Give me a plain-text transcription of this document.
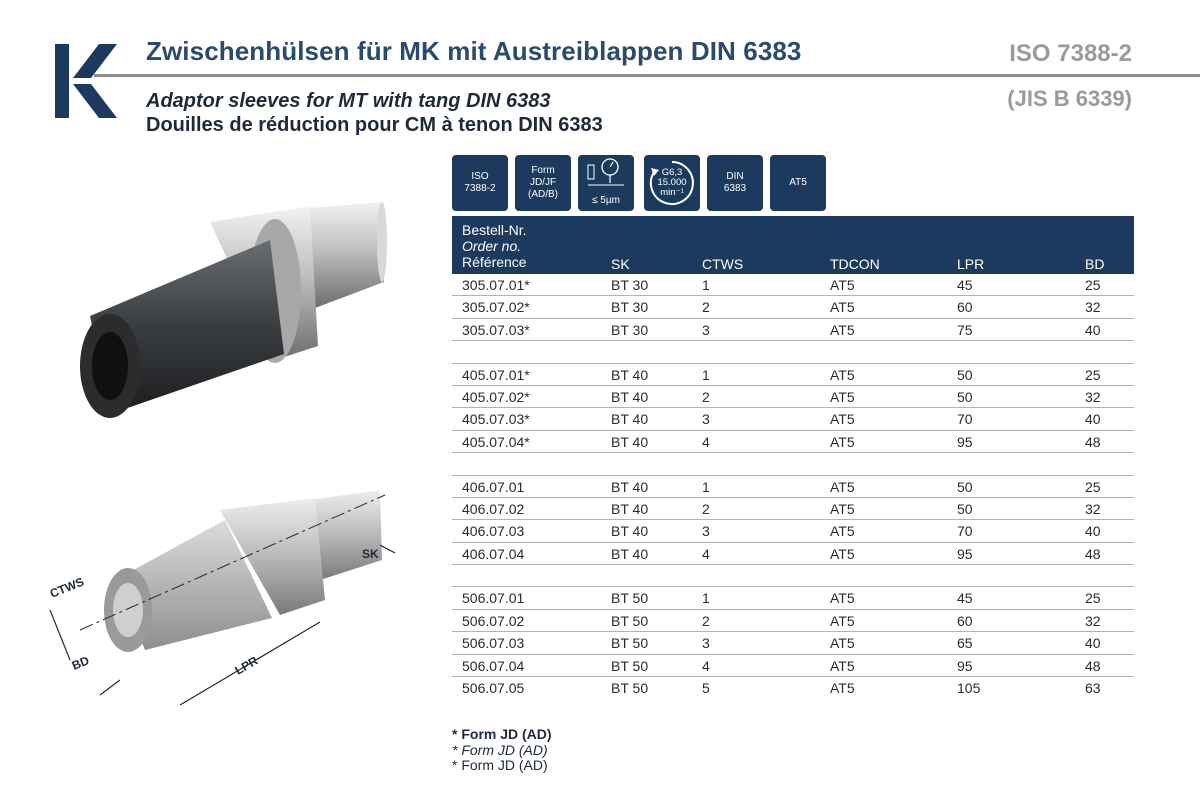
Zwischenhülsen für MK mit Austreiblappen DIN 6383	ISO 7388-2
(JIS B 6339)
Adaptor sleeves for MT with tang DIN 6383
Douilles de réduction pour CM à tenon DIN 6383
ISO
7388-2
Form
JD/JF
(AD/B)
≤ 5µm
G6,3
15.000
min⁻¹
DIN
6383
AT5
Bestell-Nr.
Order no.
Référence	SK	CTWS	TDCON	LPR	BD
305.07.01*	BT 30	1	AT5	45	25
305.07.02*	BT 30	2	AT5	60	32
305.07.03*	BT 30	3	AT5	75	40
405.07.01*	BT 40	1	AT5	50	25
405.07.02*	BT 40	2	AT5	50	32
405.07.03*	BT 40	3	AT5	70	40
405.07.04*	BT 40	4	AT5	95	48
406.07.01	BT 40	1	AT5	50	25
406.07.02	BT 40	2	AT5	50	32
406.07.03	BT 40	3	AT5	70	40
406.07.04	BT 40	4	AT5	95	48
506.07.01	BT 50	1	AT5	45	25
506.07.02	BT 50	2	AT5	60	32
506.07.03	BT 50	3	AT5	65	40
506.07.04	BT 50	4	AT5	95	48
506.07.05	BT 50	5	AT5	105	63
* Form JD (AD)
* Form JD (AD)
* Form JD (AD)
CTWS
BD	LPR
SK
